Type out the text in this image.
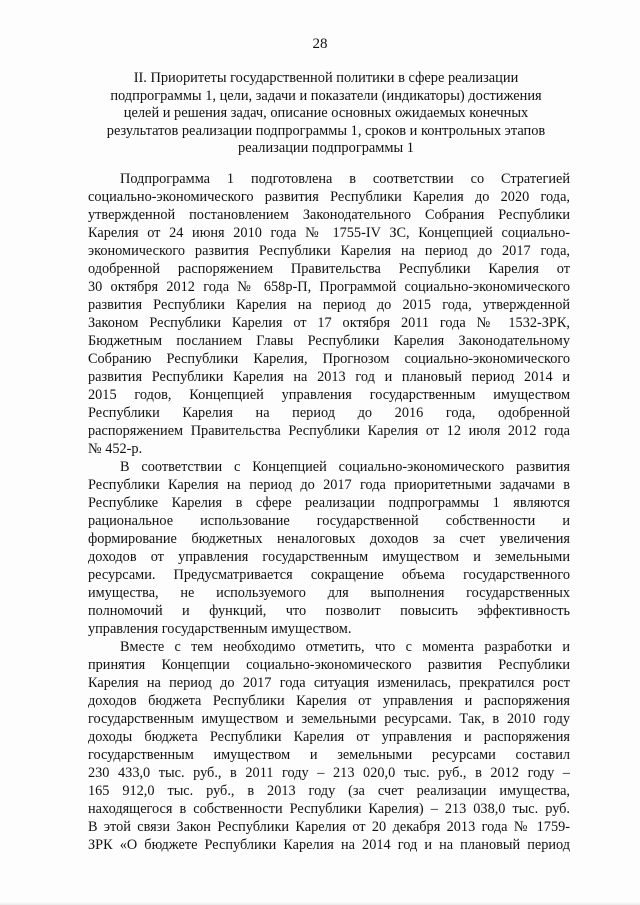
28
II. Приоритеты государственной политики в сфере реализации
подпрограммы 1, цели, задачи и показатели (индикаторы) достижения
целей и решения задач, описание основных ожидаемых конечных
результатов реализации подпрограммы 1, сроков и контрольных этапов
реализации подпрограммы 1
Подпрограмма 1 подготовлена в соответствии со Стратегией
социально-экономического развития Республики Карелия до 2020 года,
утвержденной постановлением Законодательного Собрания Республики
Карелия от 24 июня 2010 года № 1755-IV ЗС, Концепцией социально-
экономического развития Республики Карелия на период до 2017 года,
одобренной распоряжением Правительства Республики Карелия от
30 октября 2012 года № 658р-П, Программой социально-экономического
развития Республики Карелия на период до 2015 года, утвержденной
Законом Республики Карелия от 17 октября 2011 года № 1532-ЗРК,
Бюджетным посланием Главы Республики Карелия Законодательному
Собранию Республики Карелия, Прогнозом социально-экономического
развития Республики Карелия на 2013 год и плановый период 2014 и
2015 годов, Концепцией управления государственным имуществом
Республики Карелия на период до 2016 года, одобренной
распоряжением Правительства Республики Карелия от 12 июля 2012 года
№ 452-р.
В соответствии с Концепцией социально-экономического развития
Республики Карелия на период до 2017 года приоритетными задачами в
Республике Карелия в сфере реализации подпрограммы 1 являются
рациональное использование государственной собственности и
формирование бюджетных неналоговых доходов за счет увеличения
доходов от управления государственным имуществом и земельными
ресурсами. Предусматривается сокращение объема государственного
имущества, не используемого для выполнения государственных
полномочий и функций, что позволит повысить эффективность
управления государственным имуществом.
Вместе с тем необходимо отметить, что с момента разработки и
принятия Концепции социально-экономического развития Республики
Карелия на период до 2017 года ситуация изменилась, прекратился рост
доходов бюджета Республики Карелия от управления и распоряжения
государственным имуществом и земельными ресурсами. Так, в 2010 году
доходы бюджета Республики Карелия от управления и распоряжения
государственным имуществом и земельными ресурсами составил
230 433,0 тыс. руб., в 2011 году – 213 020,0 тыс. руб., в 2012 году –
165 912,0 тыс. руб., в 2013 году (за счет реализации имущества,
находящегося в собственности Республики Карелия) – 213 038,0 тыс. руб.
В этой связи Закон Республики Карелия от 20 декабря 2013 года № 1759-
ЗРК «О бюджете Республики Карелия на 2014 год и на плановый период
